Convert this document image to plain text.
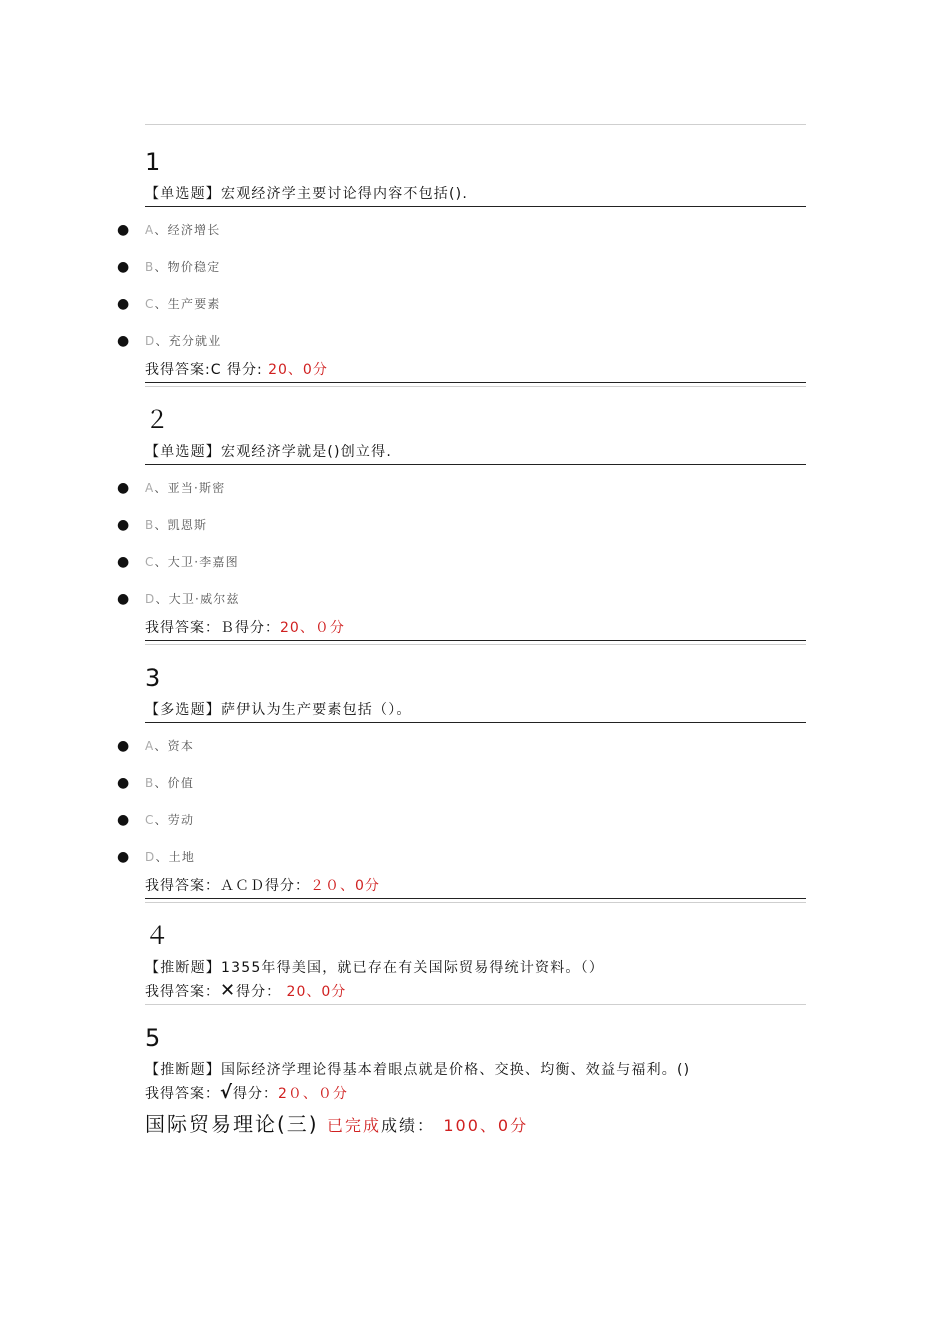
1
【单选题】宏观经济学主要讨论得内容不包括().
● A、经济增长
● B、物价稳定
● C、生产要素
● D、充分就业
我得答案:C 得分: 20、0分
２
【单选题】宏观经济学就是()创立得.
● A、亚当·斯密
● B、凯恩斯
● C、大卫·李嘉图
● D、大卫·威尔兹
我得答案：Ｂ得分：20、０分
3
【多选题】萨伊认为生产要素包括（）。
● A、资本
● B、价值
● C、劳动
● D、土地
我得答案：ＡＣＤ得分：２０、0分
４
【推断题】1355年得美国，就已存在有关国际贸易得统计资料。（）
我得答案：✕得分： 20、0分
5
【推断题】国际经济学理论得基本着眼点就是价格、交换、均衡、效益与福利。()
我得答案：√得分：2０、０分
国际贸易理论(三) 已完成成绩： 100、0分
